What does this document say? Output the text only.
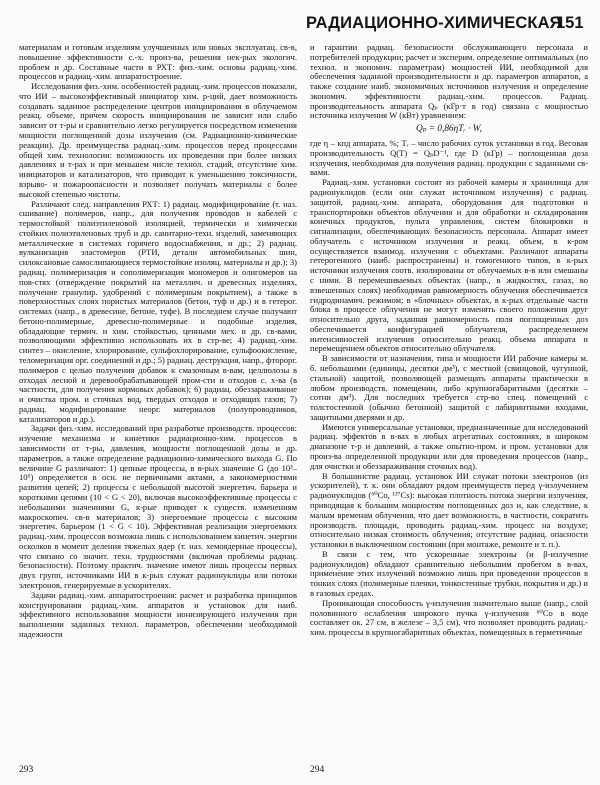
РАДИАЦИОННО-ХИМИЧЕСКАЯ
151

материалам и готовым изделиям улучшенных или новых эксплуатац. св-в, повышение эффективности с.-х. произ-ва, решения нек-рых экологич. проблем и др. Составные части в РХТ: физ.-хим. основы радиац.-хим. процессов и радиац.-хим. аппаратостроение.

Исследования физ.-хим. особенностей радиац.-хим. процессов показали, что ИИ – высокоэффективный инициатор хим. р-ций, дает возможность создавать заданное распределение центров инициирования в облучаемом реакц. объеме, причем скорость инициирования не зависит или слабо зависит от т-ры и сравнительно легко регулируется посредством изменения мощности поглощенной дозы излучения (см. Радиационно-химические реакции). Др. преимущества радиац.-хим. процессов перед процессами общей хим. технологии: возможность их проведения при более низких давлениях и т-рах и при меньшем числе технол. стадий, отсутствие хим. инициаторов и катализаторов, что приводит к уменьшению токсичности, взрыво- и пожароопасности и позволяет получать материалы с более высокой степенью чистоты.

Различают след. направления РХТ: 1) радиац. модифицирование (т. наз. сшивание) полимеров, напр., для получения проводов и кабелей с термостойкой полиэтиленовой изоляцией, термически и химически стойких полиэтиленовых труб и др. санитарно-техн. изделий, заменяющих металлические в системах горячего водоснабжения, и др.; 2) радиац. вулканизация эластомеров (РТИ, детали автомобильных шин, силоксановые самослипающиеся термостойкие изоляц. материалы и др.); 3) радиац. полимеризация и сополимеризация мономеров и олигомеров на пов-стях (отверждение покрытий на металлич. и древесных изделиях, получение гранулир. удобрений с полимерным покрытием), а также в поверхностных слоях пористых материалов (бетон, туф и др.) и в гетерог. системах (напр., в древесине, бетоне, туфе). В последнем случае получают бетоно-полимерные, древесно-полимерные и подобные изделия, обладающие термич. и хим. стойкостью, ценными мех. и др. св-вами, позволяющими эффективно использовать их в стр-ве; 4) радиац.-хим. синтез – окисление, хлорирование, сульфохлорирование, сульфоокисление, теломеризация орг. соединений и др.; 5) радиац. деструкция, напр., фторорг. полимеров с целью получения добавок к смазочным в-вам, целлюлозы в отходах лесной и деревообрабатывающей пром-сти и отходов с. х-ва (в частности, для получения кормовых добавок); 6) радиац. обеззараживание и очистка пром. и сточных вод, твердых отходов и отходящих газов; 7) радиац. модифицирование неорг. материалов (полупроводников, катализаторов и др.).

Задачи физ.-хим. исследований при разработке производств. процессов: изучение механизма и кинетики радиационно-хим. процессов в зависимости от т-ры, давления, мощности поглощенной дозы и др. параметров, а также определение радиационно-химического выхода G. По величине G различают: 1) цепные процессы, в в-рых значение G (до 10³–10⁶) определяется в осн. не первичными актами, а закономерностями развития цепей; 2) процессы с небольшой высотой энергетич. барьера и короткими цепями (10 < G < 20), включая высокоэффективные процессы с небольшими значениями G, к-рые приводят к существ. изменениям макроскопич. св-в материалов; 3) энергоемкие процессы с высоким энергетич. барьером (1 < G < 10). Эффективная реализация энергоемких радиац.-хим. процессов возможна лишь с использованием кинетич. энергии осколков в момент деления тяжелых ядер (т. наз. хемоядерные процессы), что связано со значит. техн. трудностями (включая проблемы радиац. безопасности). Поэтому практич. значение имеют лишь процессы первых двух групп, источниками ИИ в к-рых служат радионуклиды или потоки электронов, генерируемые в ускорителях.

Задачи радиац.-хим. аппаратостроения: расчет и разработка принципов конструирования радиац.-хим. аппаратов и установок для наиб. эффективного использования мощности ионизирующего излучения при выполнении заданных технол. параметров, обеспечении необходимой надежности

и гарантии радиац. безопасности обслуживающего персонала и потребителей продукции; расчет и эксперим. определение оптимальных (по технол. и экономич. параметрам) мощностей ИИ, необходимой для обеспечения заданной производительности и др. параметров аппаратов, а также создание наиб. экономичных источников излучения и определение экономич. эффективности радиац.-хим. процессов. Радиац. производительность аппарата Qₚ (кГр·т в год) связана с мощностью источника излучения W (кВт) уравнением:

Qₚ = 0,86ηTᵣ · W,

где η – кпд аппарата, %; Tᵣ – число рабочих суток установки в год. Весовая производительность Q(T) = QₚD⁻¹, где D (кГр) – поглощенная доза излучения, необходимая для получения радиац. продукции с заданными св-вами.

Радиац.-хим. установки состоят из рабочей камеры и хранилища для радионуклидов (если они служат источником излучения) с радиац. защитой, радиац.-хим. аппарата, оборудования для подготовки и транспортировки объектов облучения и для обработки и складирования конечных продуктов, пульта управления, систем блокировки и сигнализации, обеспечивающих безопасность персонала. Аппарат имеет облучатель с источником излучения и реакц. объем, в к-ром осуществляется взаимод. излучения с объектами. Различают аппараты гетерогенного (наиб. распространены) и гомогенного типов, в к-рых источники излучения соотв. изолированы от облучаемых в-в или смешаны с ними. В перемешиваемых объектах (напр., в жидкостях, газах, во взвешенных слоях) необходимая равномерность облучения обеспечивается гидродинамич. режимом; в «блочных» объектах, в к-рых отдельные части блока в процессе облучения не могут изменять своего положения друг относительно друга, заданная равномерность поля поглощенных доз обеспечивается конфигурацией облучателя, распределением интенсивностей излучения относительно реакц. объема аппарата и перемещением объектов относительно облучателя.

В зависимости от назначения, типа и мощности ИИ рабочие камеры м. б. небольшими (единицы, десятки дм³), с местной (свинцовой, чугунной, стальной) защитой, позволяющей размещать аппараты практически в любом производств. помещении, либо крупногабаритными (десятки – сотни дм³). Для последних требуется стр-во спец. помещений с толстостенной (обычно бетонной) защитой с лабиринтными входами, защитными дверями и др.

Имеются универсальные установки, предназначенные для исследований радиац. эффектов в в-вах в любых агрегатных состояниях, в широком диапазоне т-р и давлений, а также опытно-пром. и пром. установки для произ-ва определенной продукции или для проведения процессов (напр., для очистки и обеззараживания сточных вод).

В большинстве радиац. установок ИИ служат потоки электронов (из ускорителей), т. к. они обладают рядом преимуществ перед γ-излучением радионуклидов (⁶⁰Co, ¹³⁷Cs): высокая плотность потока энергии излучения, приводящая к большим мощностям поглощенных доз и, как следствие, к малым временам облучения, что дает возможность, в частности, сократить производств. площади, проводить радиац.-хим. процесс на воздухе; относительно низкая стоимость облучения; отсутствие радиац. опасности установки в выключенном состоянии (при монтаже, ремонте и т. п.).

В связи с тем, что ускоренные электроны (и β-излучение радионуклидов) обладают сравнительно небольшим пробегом в в-вах, применение этих излучений возможно лишь при проведении процессов в тонких слоях (полимерные пленки, тонкостенные трубки, покрытия и др.) и в газовых средах.

Проникающая способность γ-излучения значительно выше (напр., слой половинного ослабления широкого пучка γ-излучения ⁶⁰Co в воде составляет ок. 27 см, в железе – 3,5 см), что позволяет проводить радиац.-хим. процессы в крупногабаритных объектах, помещенных в герметичные

293	294
